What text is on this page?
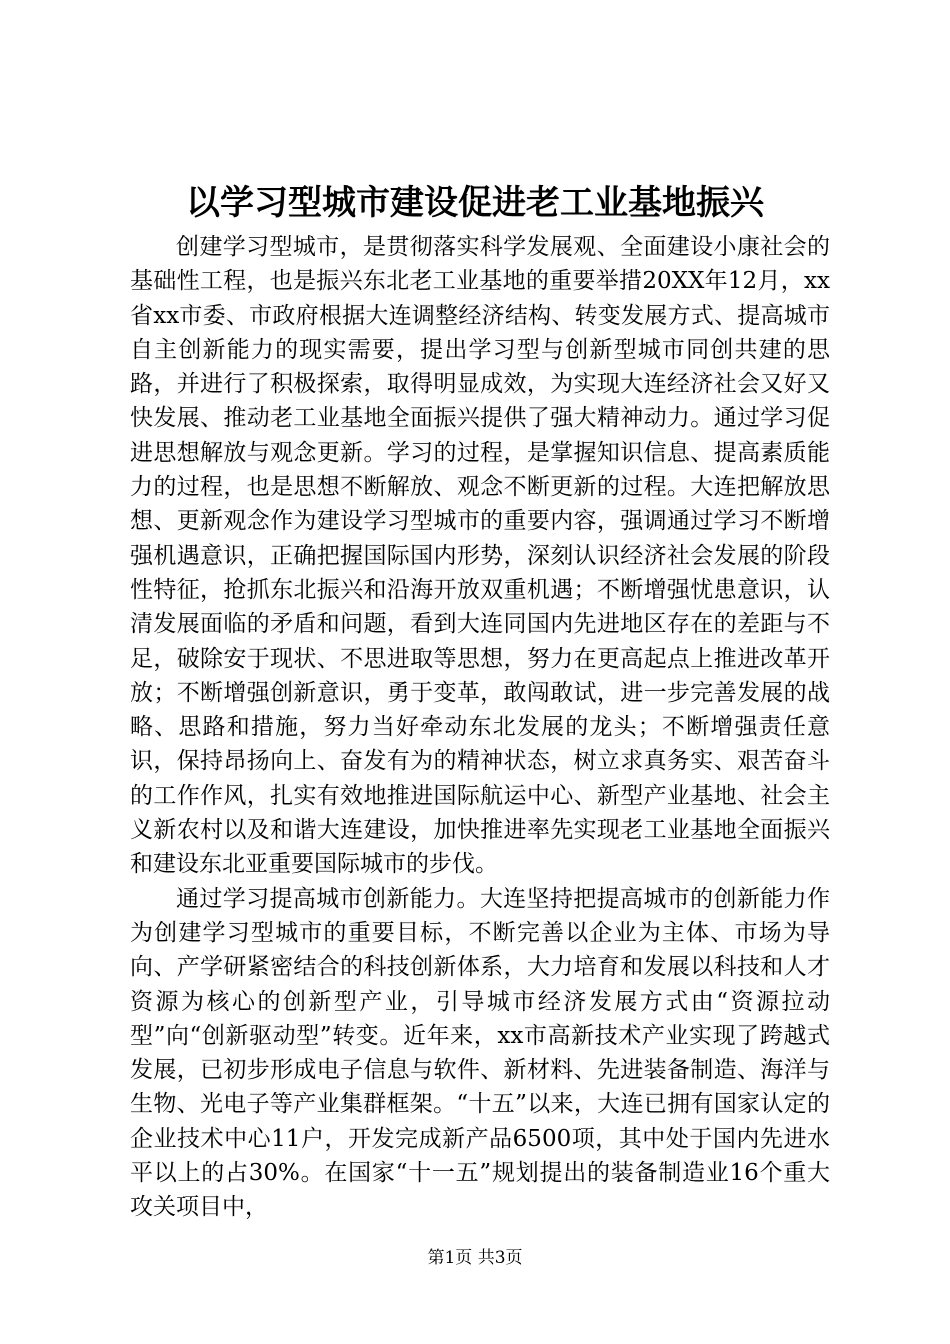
以学习型城市建设促进老工业基地振兴

创建学习型城市，是贯彻落实科学发展观、全面建设小康社会的基础性工程，也是振兴东北老工业基地的重要举措20XX年12月，xx省xx市委、市政府根据大连调整经济结构、转变发展方式、提高城市自主创新能力的现实需要，提出学习型与创新型城市同创共建的思路，并进行了积极探索，取得明显成效，为实现大连经济社会又好又快发展、推动老工业基地全面振兴提供了强大精神动力。通过学习促进思想解放与观念更新。学习的过程，是掌握知识信息、提高素质能力的过程，也是思想不断解放、观念不断更新的过程。大连把解放思想、更新观念作为建设学习型城市的重要内容，强调通过学习不断增强机遇意识，正确把握国际国内形势，深刻认识经济社会发展的阶段性特征，抢抓东北振兴和沿海开放双重机遇；不断增强忧患意识，认清发展面临的矛盾和问题，看到大连同国内先进地区存在的差距与不足，破除安于现状、不思进取等思想，努力在更高起点上推进改革开放；不断增强创新意识，勇于变革，敢闯敢试，进一步完善发展的战略、思路和措施，努力当好牵动东北发展的龙头；不断增强责任意识，保持昂扬向上、奋发有为的精神状态，树立求真务实、艰苦奋斗的工作作风，扎实有效地推进国际航运中心、新型产业基地、社会主义新农村以及和谐大连建设，加快推进率先实现老工业基地全面振兴和建设东北亚重要国际城市的步伐。

通过学习提高城市创新能力。大连坚持把提高城市的创新能力作为创建学习型城市的重要目标，不断完善以企业为主体、市场为导向、产学研紧密结合的科技创新体系，大力培育和发展以科技和人才资源为核心的创新型产业，引导城市经济发展方式由“资源拉动型”向“创新驱动型”转变。近年来，xx市高新技术产业实现了跨越式发展，已初步形成电子信息与软件、新材料、先进装备制造、海洋与生物、光电子等产业集群框架。“十五”以来，大连已拥有国家认定的企业技术中心11户，开发完成新产品6500项，其中处于国内先进水平以上的占30%。在国家“十一五”规划提出的装备制造业16个重大攻关项目中，

第1页 共3页
